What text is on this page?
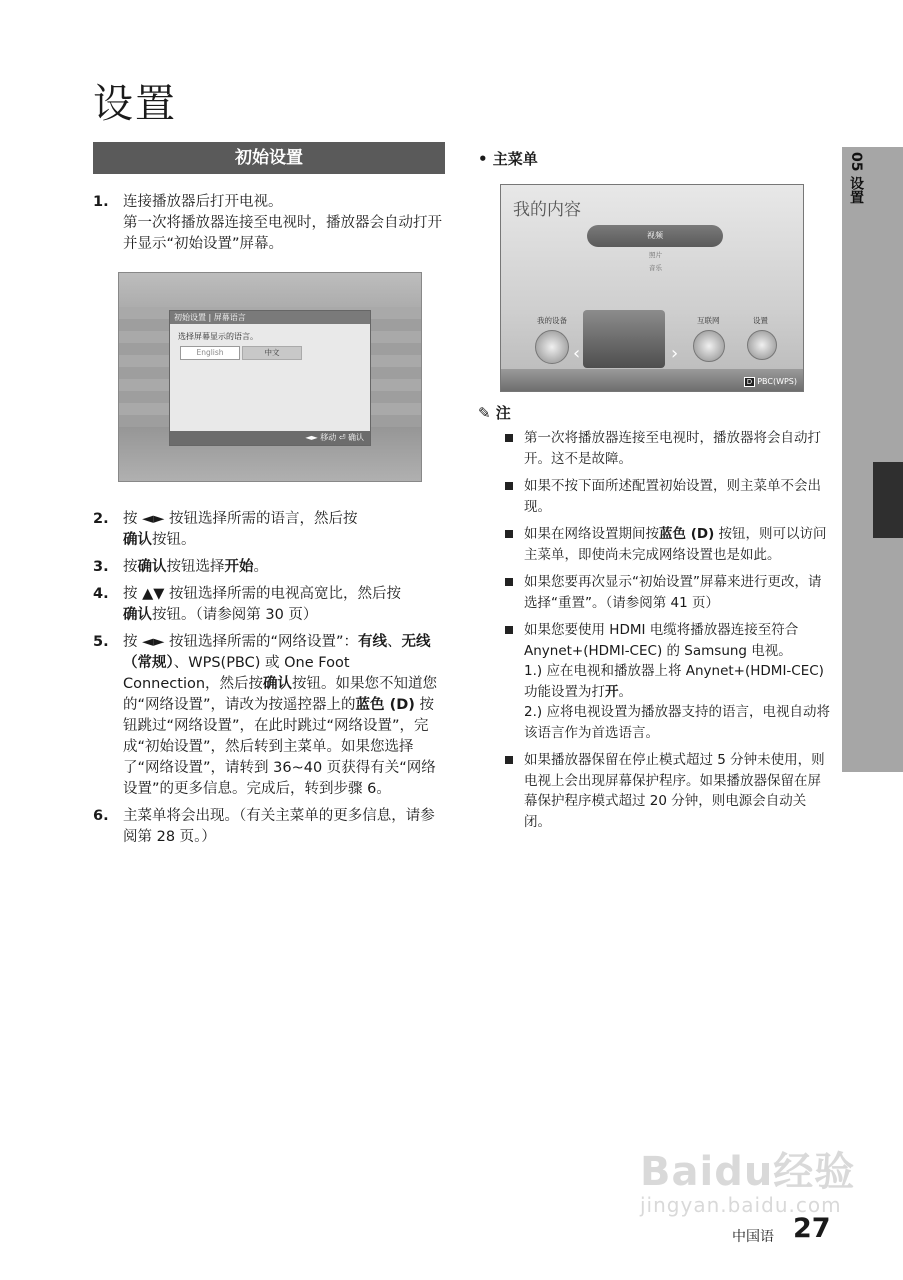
设置
初始设置
1. 连接播放器后打开电视。
第一次将播放器连接至电视时，播放器会自动打开并显示“初始设置”屏幕。
初始设置 | 屏幕语言
选择屏幕显示的语言。
English	中文
◄► 移动 ⏎ 确认
2. 按 ◄► 按钮选择所需的语言，然后按
确认按钮。
3. 按确认按钮选择开始。
4. 按 ▲▼ 按钮选择所需的电视高宽比，然后按
确认按钮。（请参阅第 30 页）
5. 按 ◄► 按钮选择所需的“网络设置”：有线、无线（常规）、WPS(PBC) 或 One Foot Connection，然后按确认按钮。如果您不知道您的“网络设置”，请改为按遥控器上的蓝色 (D) 按钮跳过“网络设置”，在此时跳过“网络设置”，完成“初始设置”，然后转到主菜单。如果您选择了“网络设置”，请转到 36~40 页获得有关“网络设置”的更多信息。完成后，转到步骤 6。
6. 主菜单将会出现。（有关主菜单的更多信息，请参阅第 28 页。）
• 主菜单
我的内容
视频
照片
音乐
我的设备	互联网	设置
‹	›
D PBC(WPS)
✎ 注
第一次将播放器连接至电视时，播放器将会自动打开。这不是故障。
如果不按下面所述配置初始设置，则主菜单不会出现。
如果在网络设置期间按蓝色 (D) 按钮，则可以访问主菜单，即使尚未完成网络设置也是如此。
如果您要再次显示“初始设置”屏幕来进行更改，请选择“重置”。（请参阅第 41 页）
如果您要使用 HDMI 电缆将播放器连接至符合 Anynet+(HDMI-CEC) 的 Samsung 电视。
1.) 应在电视和播放器上将 Anynet+(HDMI-CEC) 功能设置为打开。
2.) 应将电视设置为播放器支持的语言，电视自动将该语言作为首选语言。
如果播放器保留在停止模式超过 5 分钟未使用，则电视上会出现屏幕保护程序。如果播放器保留在屏幕保护程序模式超过 20 分钟，则电源会自动关闭。
05 设置
Baidu经验
jingyan.baidu.com
中国语 27
